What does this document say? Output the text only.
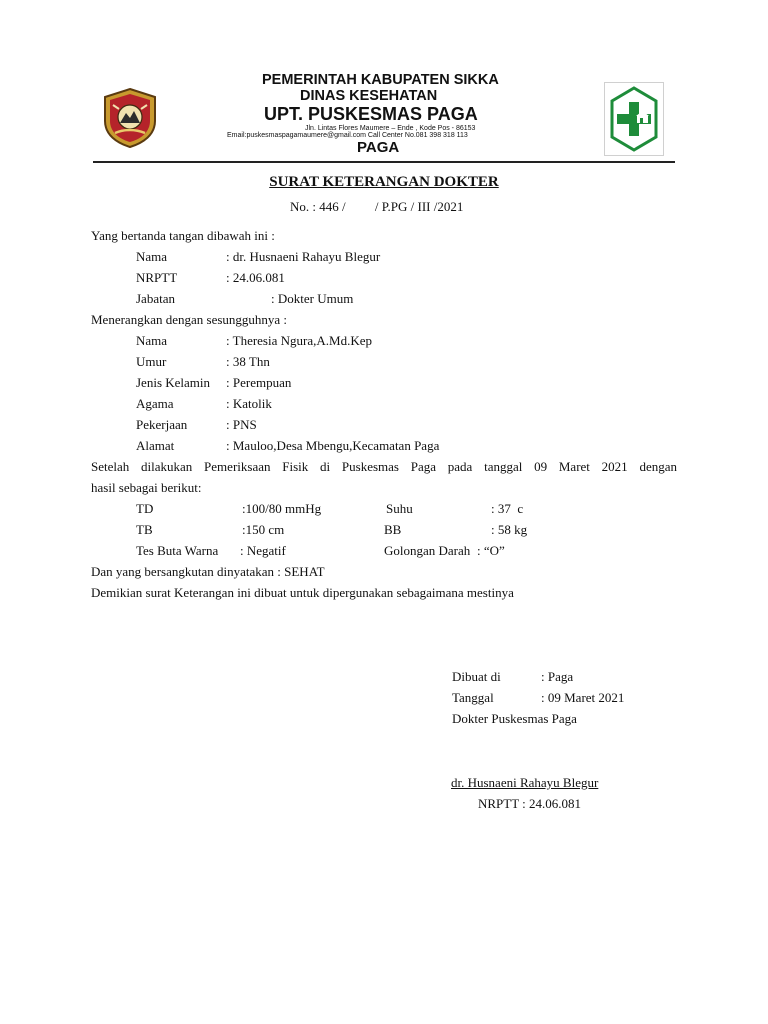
PEMERINTAH KABUPATEN SIKKA
DINAS KESEHATAN
UPT. PUSKESMAS PAGA
Jln. Lintas Flores Maumere – Ende , Kode Pos - 86153
Email:puskesmaspagamaumere@gmail.com Call Center No.081 398 318 113
PAGA
SURAT KETERANGAN DOKTER
No. : 446 /         / P.PG / III /2021
Yang bertanda tangan dibawah ini :
Nama	: dr. Husnaeni Rahayu Blegur
NRPTT	: 24.06.081
Jabatan	: Dokter Umum
Menerangkan dengan sesungguhnya :
Nama	: Theresia Ngura,A.Md.Kep
Umur	: 38 Thn
Jenis Kelamin : Perempuan
Agama	: Katolik
Pekerjaan	: PNS
Alamat	: Mauloo,Desa Mbengu,Kecamatan Paga
Setelah dilakukan Pemeriksaan Fisik di Puskesmas Paga pada tanggal 09 Maret 2021 dengan
hasil sebagai berikut:
TD	:100/80 mmHg	Suhu	: 37  c
TB	:150 cm	BB	: 58 kg
Tes Buta Warna : Negatif	Golongan Darah : “O”
Dan yang bersangkutan dinyatakan : SEHAT
Demikian surat Keterangan ini dibuat untuk dipergunakan sebagaimana mestinya
Dibuat di	: Paga
Tanggal	: 09 Maret 2021
Dokter Puskesmas Paga
dr. Husnaeni Rahayu Blegur
NRPTT : 24.06.081
